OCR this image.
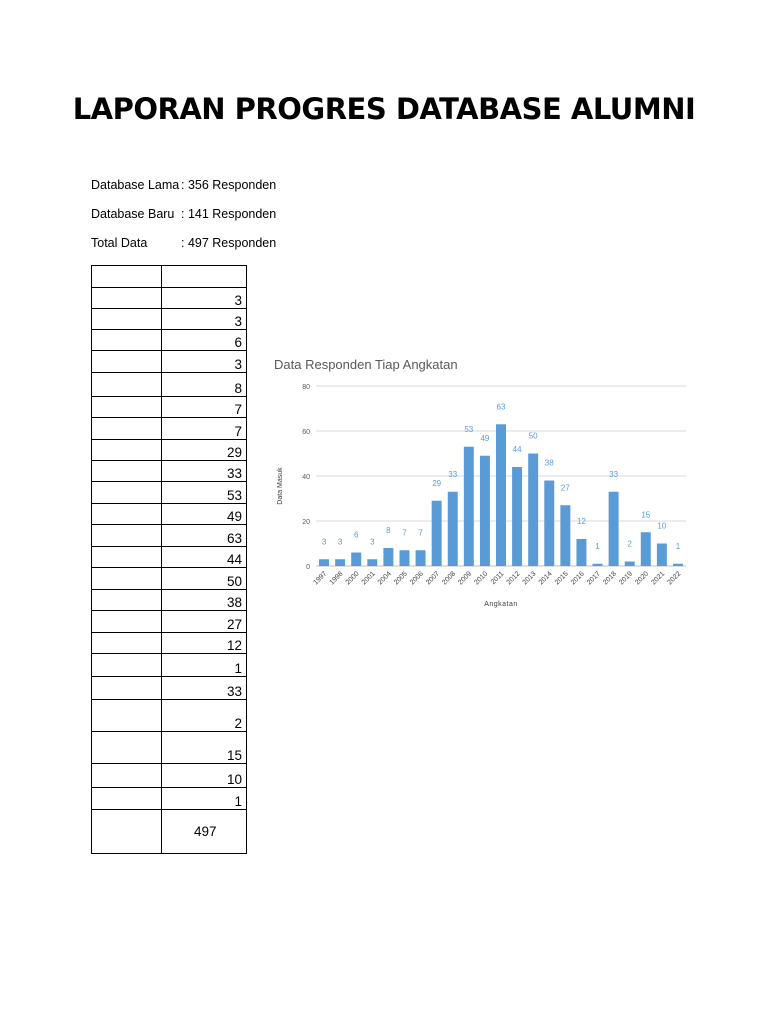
LAPORAN PROGRES DATABASE ALUMNI
Database Lama : 356 Responden
Database Baru : 141 Responden
Total Data	: 497 Responden

	3
	3
	6
	3
	8
	7
	7
	29
	33
	53
	49
	63
	44
	50
	38
	27
	12
	1
	33
	2
	15
	10
	1
	497
Data Responden Tiap Angkatan
0
20
40
60
80
3
1997
3
1998
6
2000
3
2001
8
2004
7
2005
7
2006
29
2007
33
2008
53
2009
49
2010
63
2011
44
2012
50
2013
38
2014
27
2015
12
2016
1
2017
33
2018
2
2019
15
2020
10
2021
1
2022
Angkatan
Data Masuk
